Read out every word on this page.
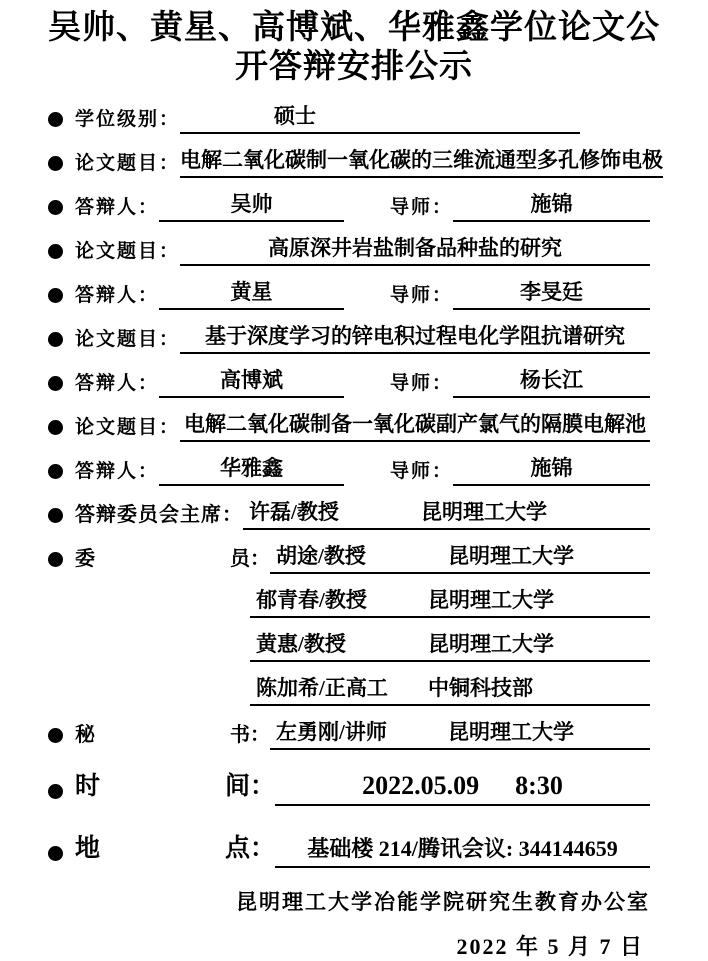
吴帅、黄星、高博斌、华雅鑫学位论文公
开答辩安排公示
学位级别：	硕士
论文题目： 电解二氧化碳制一氧化碳的三维流通型多孔修饰电极
答辩人：	吴帅	导师：	施锦
论文题目：	高原深井岩盐制备品种盐的研究
答辩人：	黄星	导师：	李旻廷
论文题目：	基于深度学习的锌电积过程电化学阻抗谱研究
答辩人：	高博斌	导师：	杨长江
论文题目： 电解二氧化碳制备一氧化碳副产氯气的隔膜电解池
答辩人：	华雅鑫	导师：	施锦
答辩委员会主席： 许磊/教授	昆明理工大学
委	员： 胡途/教授	昆明理工大学
郁青春/教授	昆明理工大学
黄惠/教授	昆明理工大学
陈加希/正高工	中铜科技部
秘	书： 左勇刚/讲师	昆明理工大学
时	间：	2022.05.09 8:30
地	点：	基础楼 214/腾讯会议: 344144659
昆明理工大学冶能学院研究生教育办公室
2022 年 5 月 7 日
